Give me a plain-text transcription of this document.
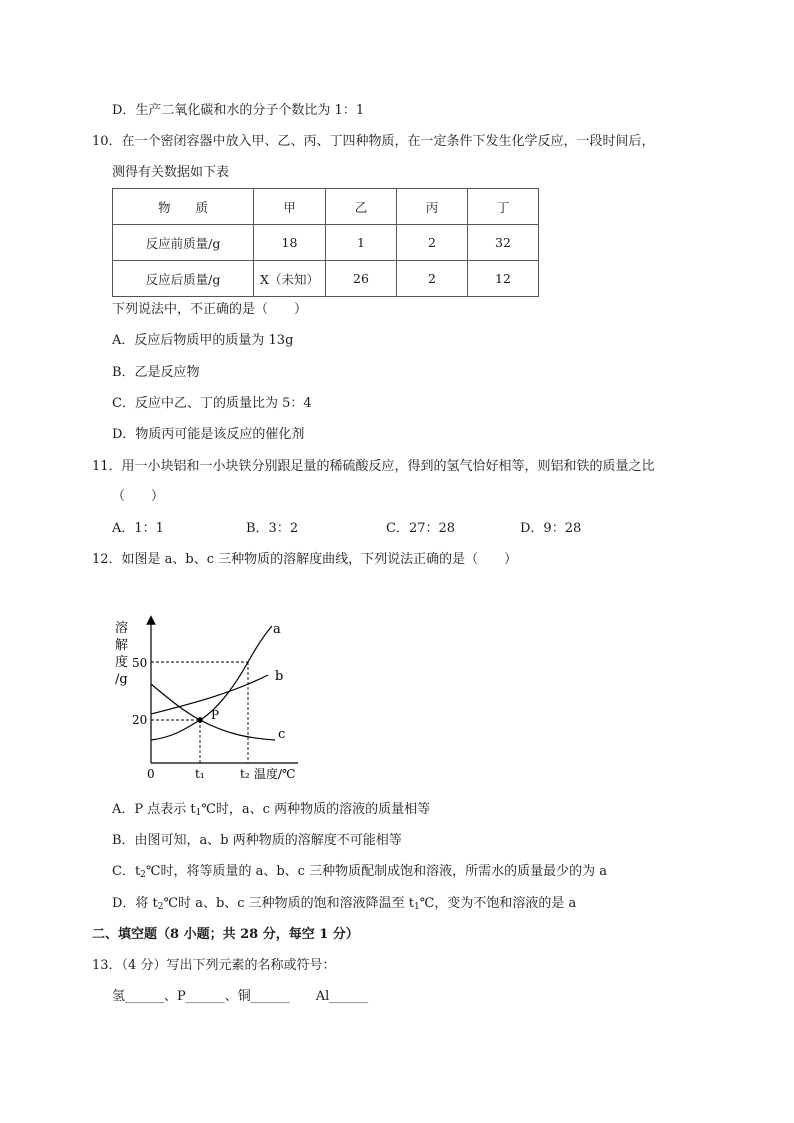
D．生产二氧化碳和水的分子个数比为 1：1
10．在一个密闭容器中放入甲、乙、丙、丁四种物质，在一定条件下发生化学反应，一段时间后，
测得有关数据如下表
物　　质	甲	乙	丙	丁
反应前质量/g	18	1	2	32
反应后质量/g	X（未知）	26	2	12
下列说法中，不正确的是（　　）
A．反应后物质甲的质量为 13g
B．乙是反应物
C．反应中乙、丁的质量比为 5：4
D．物质丙可能是该反应的催化剂
11．用一小块铝和一小块铁分别跟足量的稀硫酸反应，得到的氢气恰好相等，则铝和铁的质量之比
（　　）
A．1：1	B．3：2	C．27：28	D．9：28
12．如图是 a、b、c 三种物质的溶解度曲线，下列说法正确的是（　　）
溶
解
度
/g
50
20
0	t₁	t₂ 温度/℃
P
a
b
c
A．P 点表示 $t_1℃$时，a、c 两种物质的溶液的质量相等
B．由图可知，a、b 两种物质的溶解度不可能相等
C．$t_2℃$时，将等质量的 a、b、c 三种物质配制成饱和溶液，所需水的质量最少的为 a
D．将 $t_2℃$时 a、b、c 三种物质的饱和溶液降温至 $t_1℃$，变为不饱和溶液的是 a
二、填空题（8 小题；共 28 分，每空 1 分）
13．（4 分）写出下列元素的名称或符号：
氢______、P______、铜______　　Al______
